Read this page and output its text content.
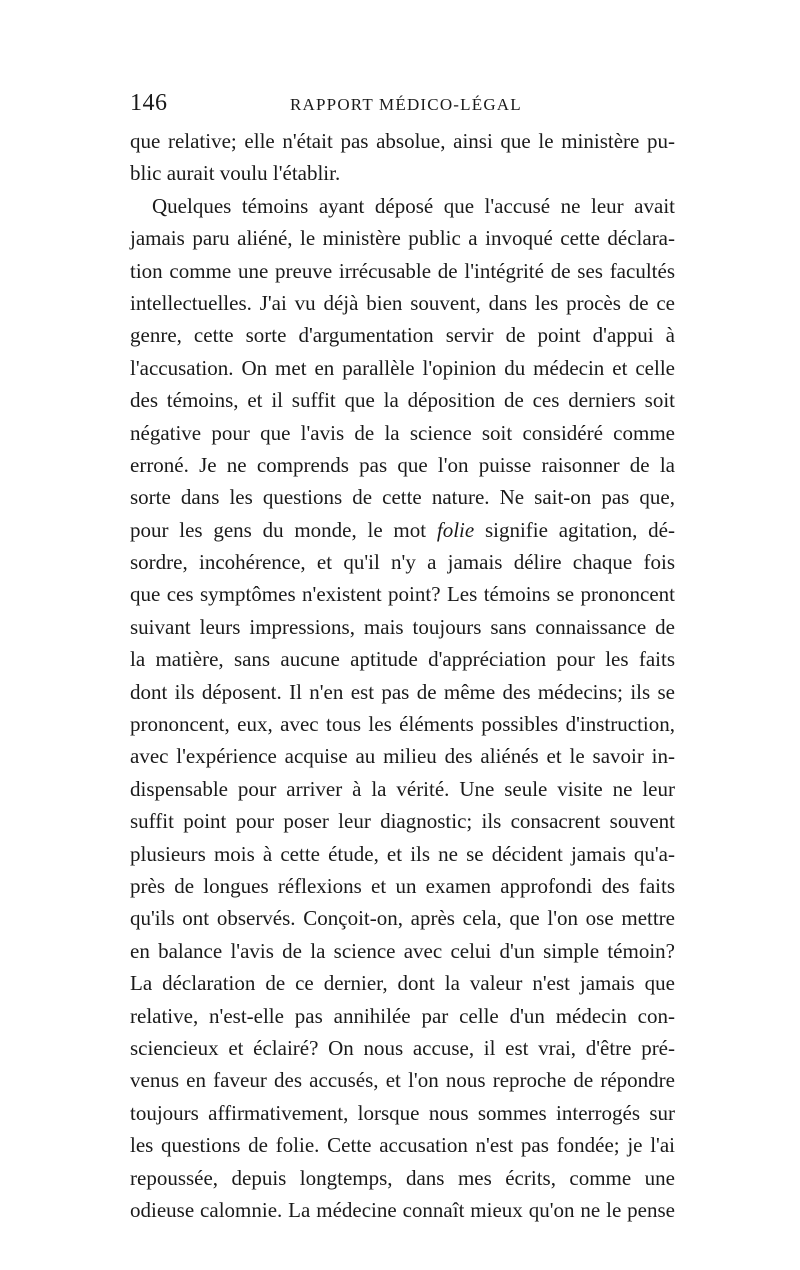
146	RAPPORT MÉDICO-LÉGAL
que relative; elle n'était pas absolue, ainsi que le ministère pu-
blic aurait voulu l'établir.
Quelques témoins ayant déposé que l'accusé ne leur avait
jamais paru aliéné, le ministère public a invoqué cette déclara-
tion comme une preuve irrécusable de l'intégrité de ses facultés
intellectuelles. J'ai vu déjà bien souvent, dans les procès de ce
genre, cette sorte d'argumentation servir de point d'appui à
l'accusation. On met en parallèle l'opinion du médecin et celle
des témoins, et il suffit que la déposition de ces derniers soit
négative pour que l'avis de la science soit considéré comme
erroné. Je ne comprends pas que l'on puisse raisonner de la
sorte dans les questions de cette nature. Ne sait-on pas que,
pour les gens du monde, le mot folie signifie agitation, dé-
sordre, incohérence, et qu'il n'y a jamais délire chaque fois
que ces symptômes n'existent point? Les témoins se prononcent
suivant leurs impressions, mais toujours sans connaissance de
la matière, sans aucune aptitude d'appréciation pour les faits
dont ils déposent. Il n'en est pas de même des médecins; ils se
prononcent, eux, avec tous les éléments possibles d'instruction,
avec l'expérience acquise au milieu des aliénés et le savoir in-
dispensable pour arriver à la vérité. Une seule visite ne leur
suffit point pour poser leur diagnostic; ils consacrent souvent
plusieurs mois à cette étude, et ils ne se décident jamais qu'a-
près de longues réflexions et un examen approfondi des faits
qu'ils ont observés. Conçoit-on, après cela, que l'on ose mettre
en balance l'avis de la science avec celui d'un simple témoin?
La déclaration de ce dernier, dont la valeur n'est jamais que
relative, n'est-elle pas annihilée par celle d'un médecin con-
sciencieux et éclairé? On nous accuse, il est vrai, d'être pré-
venus en faveur des accusés, et l'on nous reproche de répondre
toujours affirmativement, lorsque nous sommes interrogés sur
les questions de folie. Cette accusation n'est pas fondée; je l'ai
repoussée, depuis longtemps, dans mes écrits, comme une
odieuse calomnie. La médecine connaît mieux qu'on ne le pense
